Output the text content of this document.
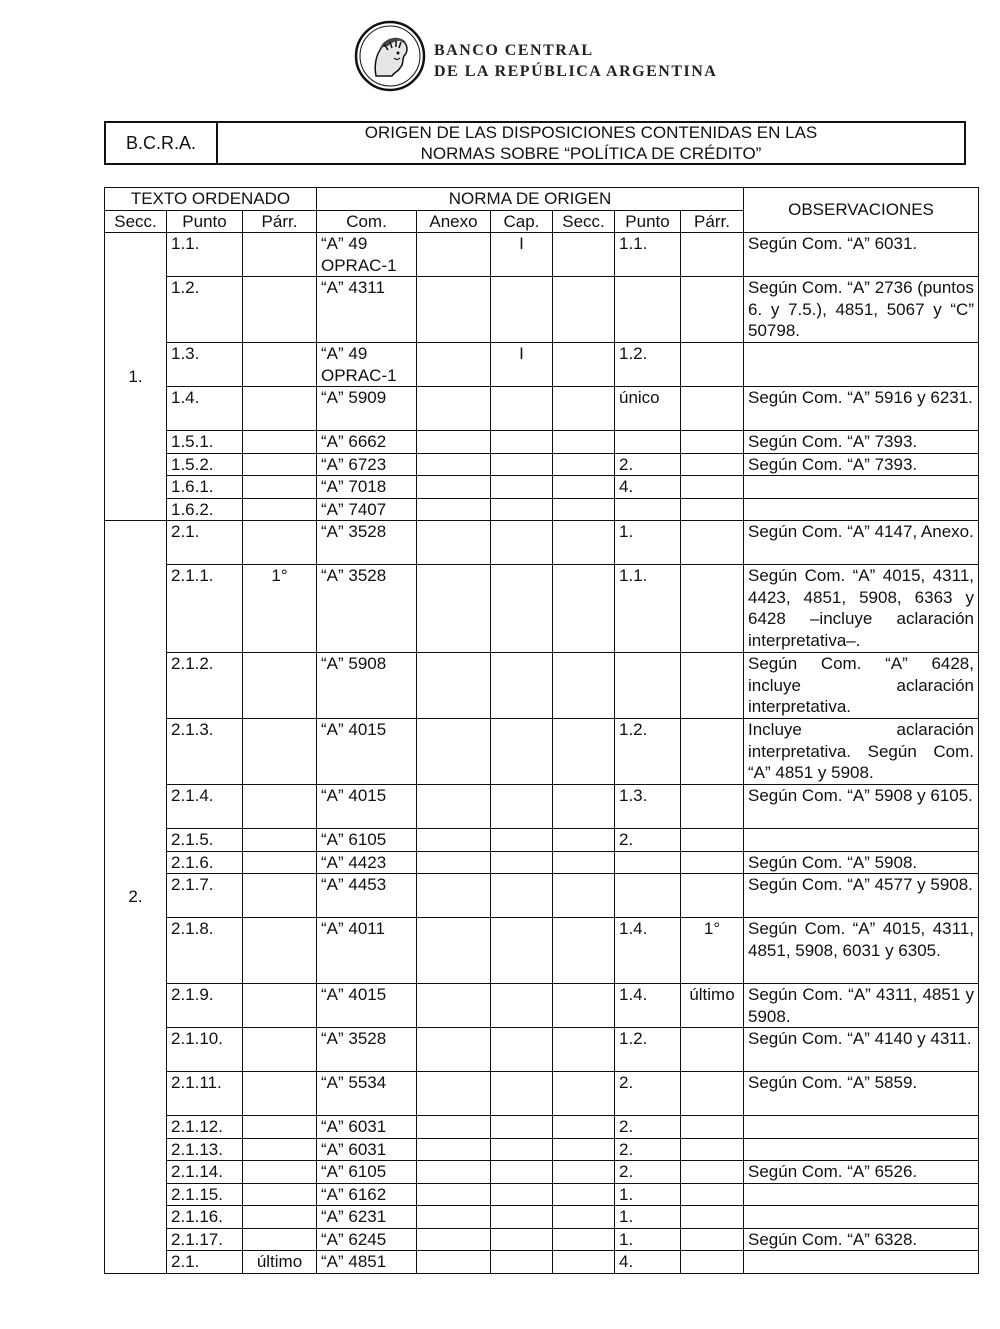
BANCO CENTRAL
DE LA REPÚBLICA ARGENTINA
B.C.R.A.	ORIGEN DE LAS DISPOSICIONES CONTENIDAS EN LAS
NORMAS SOBRE “POLÍTICA DE CRÉDITO”
TEXTO ORDENADO			NORMA DE ORIGEN						OBSERVACIONES
Secc.	Punto	Párr.	Com.	Anexo	Cap.	Secc.	Punto	Párr.	
1.	1.1.		“A” 49 OPRAC-1		I		1.1.		Según Com. “A” 6031.
	1.2.		“A” 4311						Según Com. “A” 2736 (puntos 6. y 7.5.), 4851, 5067 y “C” 50798.
	1.3.		“A” 49 OPRAC-1		I		1.2.		
	1.4.		“A” 5909				único		Según Com. “A” 5916 y 6231.
	1.5.1.		“A” 6662						Según Com. “A” 7393.
	1.5.2.		“A” 6723				2.		Según Com. “A” 7393.
	1.6.1.		“A” 7018				4.		
	1.6.2.		“A” 7407						
2.	2.1.		“A” 3528				1.		Según Com. “A” 4147, Anexo.
	2.1.1.	1°	“A” 3528				1.1.		Según Com. “A” 4015, 4311, 4423, 4851, 5908, 6363 y 6428 –incluye aclaración interpretativa–.
	2.1.2.		“A” 5908						Según Com. “A” 6428, incluye aclaración interpretativa.
	2.1.3.		“A” 4015				1.2.		Incluye aclaración interpretativa. Según Com. “A” 4851 y 5908.
	2.1.4.		“A” 4015				1.3.		Según Com. “A” 5908 y 6105.
	2.1.5.		“A” 6105				2.		
	2.1.6.		“A” 4423						Según Com. “A” 5908.
	2.1.7.		“A” 4453						Según Com. “A” 4577 y 5908.
	2.1.8.		“A” 4011				1.4.	1°	Según Com. “A” 4015, 4311, 4851, 5908, 6031 y 6305.
	2.1.9.		“A” 4015				1.4.	último	Según Com. “A” 4311, 4851 y 5908.
	2.1.10.		“A” 3528				1.2.		Según Com. “A” 4140 y 4311.
	2.1.11.		“A” 5534				2.		Según Com. “A” 5859.
	2.1.12.		“A” 6031				2.		
	2.1.13.		“A” 6031				2.		
	2.1.14.		“A” 6105				2.		Según Com. “A” 6526.
	2.1.15.		“A” 6162				1.		
	2.1.16.		“A” 6231				1.		
	2.1.17.		“A” 6245				1.		Según Com. “A” 6328.
	2.1.	último	“A” 4851				4.		
